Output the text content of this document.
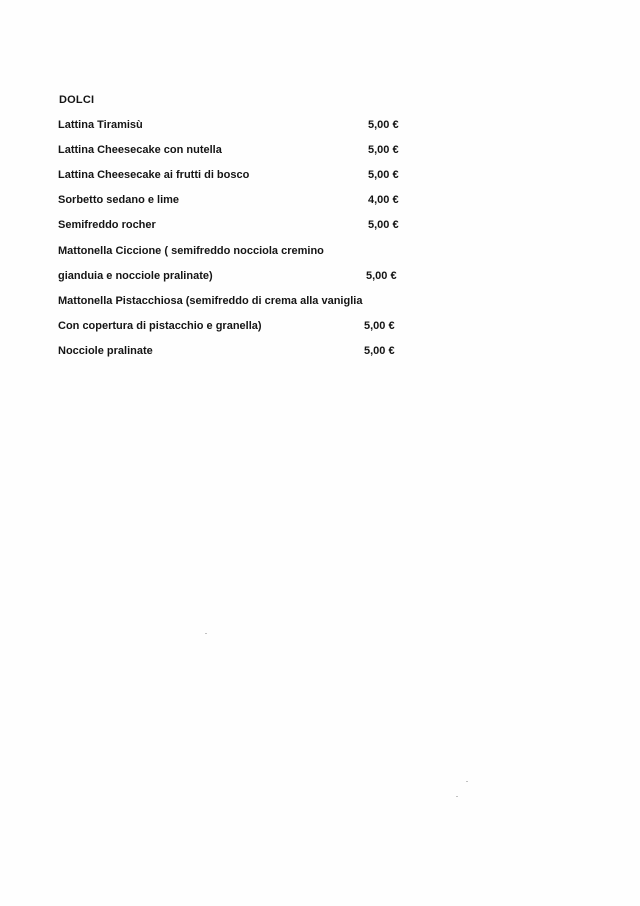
DOLCI
Lattina Tiramisù	5,00 €
Lattina Cheesecake con nutella	5,00 €
Lattina Cheesecake ai frutti di bosco	5,00 €
Sorbetto sedano e lime	4,00 €
Semifreddo rocher	5,00 €
Mattonella Ciccione ( semifreddo nocciola cremino
gianduia e nocciole pralinate)	5,00 €
Mattonella Pistacchiosa (semifreddo di crema alla vaniglia
Con copertura di pistacchio e granella)	5,00 €
Nocciole pralinate	5,00 €
